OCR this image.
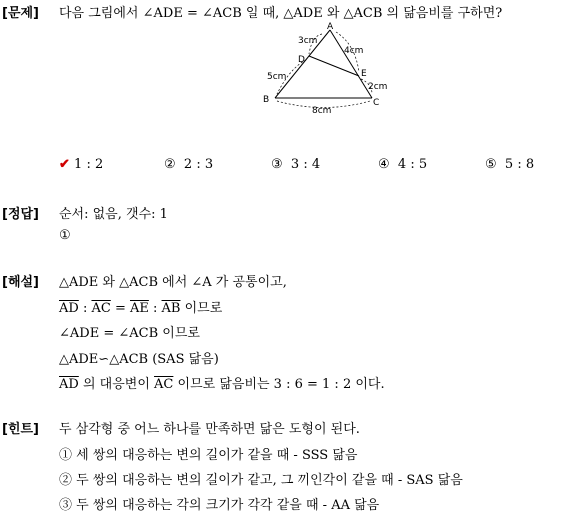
[문제] 다음 그림에서 ∠ADE = ∠ACB 일 때, △ADE 와 △ACB 의 닮음비를 구하면?
A
B	C
D
E
3cm
4cm
5cm
2cm
8cm
✔ 1 : 2	② 2 : 3	③ 3 : 4	④ 4 : 5	⑤ 5 : 8
[정답] 순서: 없음, 갯수: 1
①
[해설] △ADE 와 △ACB 에서 ∠A 가 공통이고,
$\overline{AD}$ : $\overline{AC} = \overline{AE}$ : $\overline{AB}$ 이므로
∠ADE = ∠ACB 이므로
△ADE∽△ACB (SAS 닮음)
$\overline{AD}$ 의 대응변이 $\overline{AC}$ 이므로 닮음비는 3 : 6 = 1 : 2 이다.
[힌트] 두 삼각형 중 어느 하나를 만족하면 닮은 도형이 된다.
① 세 쌍의 대응하는 변의 길이가 같을 때 - SSS 닮음
② 두 쌍의 대응하는 변의 길이가 같고, 그 끼인각이 같을 때 - SAS 닮음
③ 두 쌍의 대응하는 각의 크기가 각각 같을 때 - AA 닮음
